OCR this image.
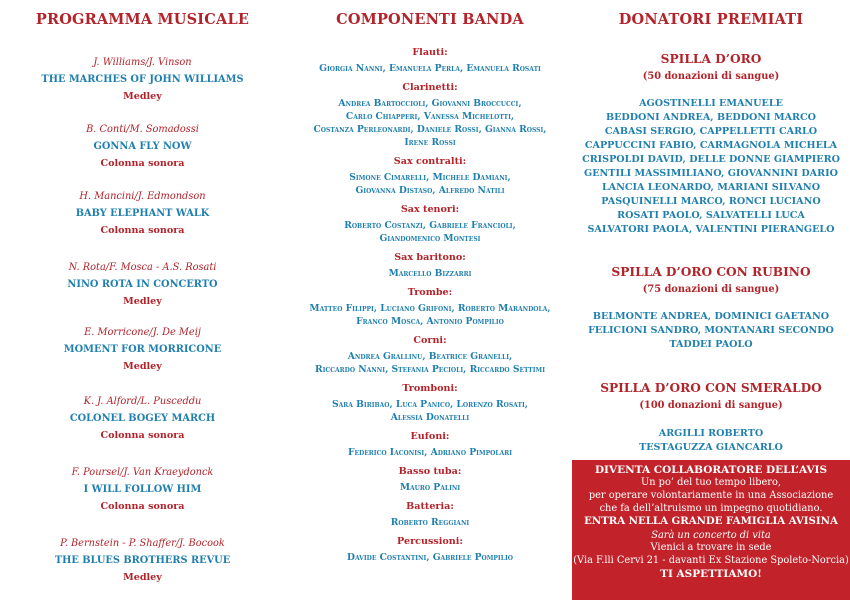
PROGRAMMA MUSICALE
J. Williams/J. Vinson
THE MARCHES OF JOHN WILLIAMS
Medley
B. Conti/M. Somadossi
GONNA FLY NOW
Colonna sonora
H. Mancini/J. Edmondson
BABY ELEPHANT WALK
Colonna sonora
N. Rota/F. Mosca - A.S. Rosati
NINO ROTA IN CONCERTO
Medley
E. Morricone/J. De Meij
MOMENT FOR MORRICONE
Medley
K. J. Alford/L. Pusceddu
COLONEL BOGEY MARCH
Colonna sonora
F. Poursel/J. Van Kraeydonck
I WILL FOLLOW HIM
Colonna sonora
P. Bernstein - P. Shaffer/J. Bocook
THE BLUES BROTHERS REVUE
Medley
COMPONENTI BANDA
Flauti:
Giorgia Nanni, Emanuela Perla, Emanuela Rosati
Clarinetti:
Andrea Bartoccioli, Giovanni Broccucci,
Carlo Chiapperi, Vanessa Michelotti,
Costanza Perleonardi, Daniele Rossi, Gianna Rossi,
Irene Rossi
Sax contralti:
Simone Cimarelli, Michele Damiani,
Giovanna Distaso, Alfredo Natili
Sax tenori:
Roberto Costanzi, Gabriele Francioli,
Giandomenico Montesi
Sax baritono:
Marcello Bizzarri
Trombe:
Matteo Filippi, Luciano Grifoni, Roberto Marandola,
Franco Mosca, Antonio Pompilio
Corni:
Andrea Grallinu, Beatrice Granelli,
Riccardo Nanni, Stefania Pecioli, Riccardo Settimi
Tromboni:
Sara Biribao, Luca Panico, Lorenzo Rosati,
Alessia Donatelli
Eufoni:
Federico Iaconisi, Adriano Pimpolari
Basso tuba:
Mauro Palini
Batteria:
Roberto Reggiani
Percussioni:
Davide Costantini, Gabriele Pompilio
DONATORI PREMIATI
SPILLA D’ORO
(50 donazioni di sangue)
AGOSTINELLI EMANUELE
BEDDONI ANDREA, BEDDONI MARCO
CABASI SERGIO, CAPPELLETTI CARLO
CAPPUCCINI FABIO, CARMAGNOLA MICHELA
CRISPOLDI DAVID, DELLE DONNE GIAMPIERO
GENTILI MASSIMILIANO, GIOVANNINI DARIO
LANCIA LEONARDO, MARIANI SILVANO
PASQUINELLI MARCO, RONCI LUCIANO
ROSATI PAOLO, SALVATELLI LUCA
SALVATORI PAOLA, VALENTINI PIERANGELO
SPILLA D’ORO CON RUBINO
(75 donazioni di sangue)
BELMONTE ANDREA, DOMINICI GAETANO
FELICIONI SANDRO, MONTANARI SECONDO
TADDEI PAOLO
SPILLA D’ORO CON SMERALDO
(100 donazioni di sangue)
ARGILLI ROBERTO
TESTAGUZZA GIANCARLO
DIVENTA COLLABORATORE DELL’AVIS
Un po’ del tuo tempo libero,
per operare volontariamente in una Associazione
che fa dell’altruismo un impegno quotidiano.
ENTRA NELLA GRANDE FAMIGLIA AVISINA
Sarà un concerto di vita
Vienici a trovare in sede
(Via F.lli Cervi 21 - davanti Ex Stazione Spoleto-Norcia)
TI ASPETTIAMO!
